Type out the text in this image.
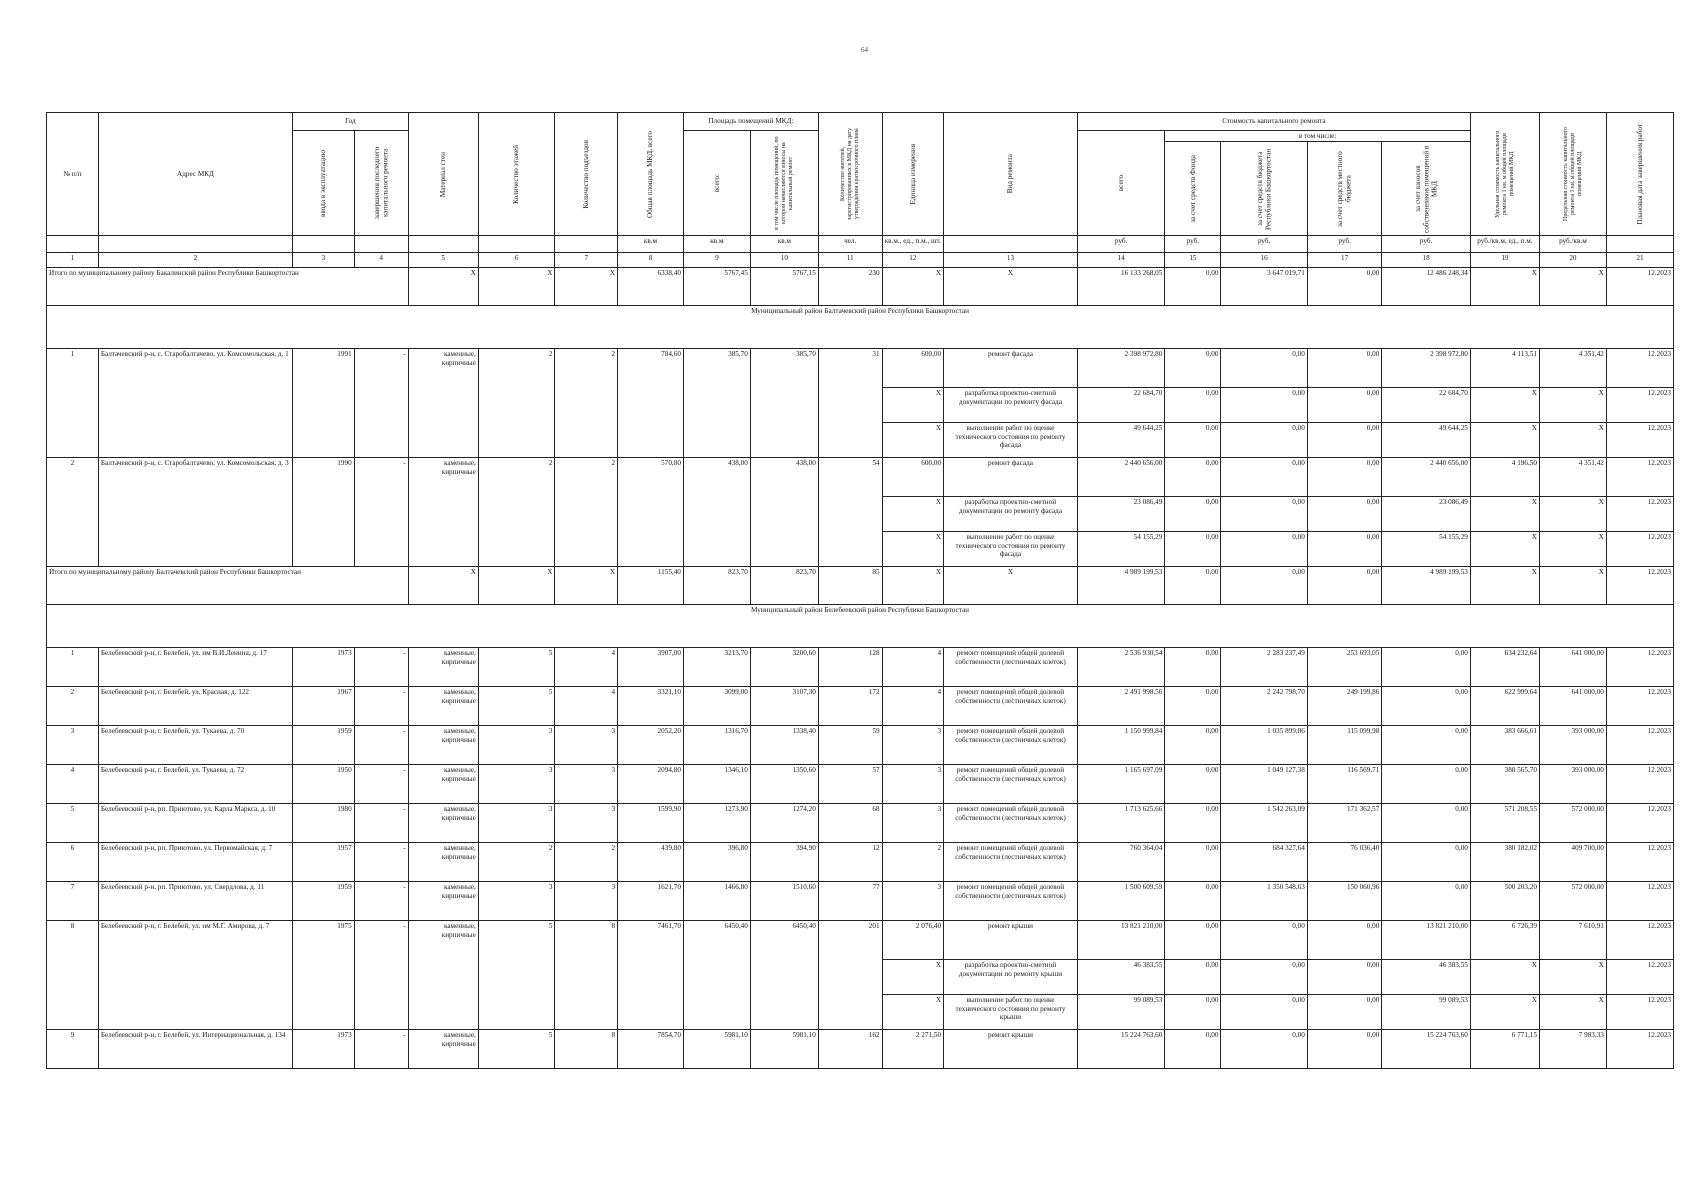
64
№ п/п	Адрес МКД	Год		Материал стен	Количество этажей	Количество подъездов	Общая площадь МКД, всего	Площадь помещений МКД:		Количество жителей, зарегистрированных в МКД на дату утверждения краткосрочного плана	Единица измерения	Вид ремонта	Стоимость капитального ремонта					Удельная стоимость капитального ремонта 1 кв. м общей площади помещений МКД	Предельная стоимость капитального ремонта 1 кв. м общей площади помещений МКД	Плановая дата завершения работ

		ввода в эксплуатацию	завершения последнего капитального ремонта					всего:	в том числе площадь помещений, по которой начисляются взносы на капитальный ремонт				всего	в том числе:						

														за счет средств Фонда	за счет средств бюджета Республики Башкортостан	за счет средств местного бюджета	за счет взносов собственников помещений в МКД			

							кв.м	кв.м	кв.м	чел.	кв.м., ед., п.м., шт.		руб.	руб.	руб.	руб.	руб.	руб./кв.м, ед., п.м.	руб./кв.м	
1	2	3	4	5	6	7	8	9	10	11	12	13	14	15	16	17	18	19	20	21
Итого по муниципальному району Бакалинский район Республики Башкортостан				X	X	X	6338,40	5767,45	5767,15	230	X	X	16 133 268,05	0,00	3 647 019,71	0,00	12 486 248,34	X	X	12.2023
Муниципальный район Балтачевский район Республики Башкортостан																				
1	Балтачевский р-н, с. Старобалтачево, ул. Комсомольская, д. 1	1991	-	каменные, кирпичные	2	2	784,60	385,70	385,70	31	600,00	ремонт фасада	2 398 972,80	0,00	0,00	0,00	2 398 972,80	4 113,51	4 351,42	12.2023
											X	разработка проектно-сметной документации по ремонту фасада	22 684,70	0,00	0,00	0,00	22 684,70	X	X	12.2023
											X	выполнение работ по оценке технического состояния по ремонту фасада	49 644,25	0,00	0,00	0,00	49 644,25	X	X	12.2023
2	Балтачевский р-н, с. Старобалтачево, ул. Комсомольская, д. 3	1990	-	каменные, кирпичные	2	2	570,80	438,00	438,00	54	600,00	ремонт фасада	2 440 656,00	0,00	0,00	0,00	2 440 656,00	4 196,50	4 351,42	12.2023
											X	разработка проектно-сметной документации по ремонту фасада	23 086,49	0,00	0,00	0,00	23 086,49	X	X	12.2023
											X	выполнение работ по оценке технического состояния по ремонту фасада	54 155,29	0,00	0,00	0,00	54 155,29	X	X	12.2023
Итого по муниципальному району Балтачевский район Республики Башкортостан				X	X	X	1155,40	823,70	823,70	85	X	X	4 989 199,53	0,00	0,00	0,00	4 989 199,53	X	X	12.2023
Муниципальный район Белебеевский район Республики Башкортостан																				
1	Белебеевский р-н, г. Белебей, ул. им В.И.Ленина, д. 17	1973	-	каменные, кирпичные	5	4	3907,00	3213,70	3200,60	128	4	ремонт помещений общей долевой собственности (лестничных клеток)	2 536 930,54	0,00	2 283 237,49	253 693,05	0,00	634 232,64	641 000,00	12.2023
2	Белебеевский р-н, г. Белебей, ул. Красная, д. 122	1967	-	каменные, кирпичные	5	4	3321,10	3099,00	3107,30	172	4	ремонт помещений общей долевой собственности (лестничных клеток)	2 491 998,56	0,00	2 242 798,70	249 199,86	0,00	622 999,64	641 000,00	12.2023
3	Белебеевский р-н, г. Белебей, ул. Тукаева, д. 70	1959	-	каменные, кирпичные	3	3	2052,20	1316,70	1338,40	59	3	ремонт помещений общей долевой собственности (лестничных клеток)	1 150 999,84	0,00	1 035 899,86	115 099,98	0,00	383 666,61	393 000,00	12.2023
4	Белебеевский р-н, г. Белебей, ул. Тукаева, д. 72	1950	-	каменные, кирпичные	3	3	2094,80	1346,10	1350,60	57	3	ремонт помещений общей долевой собственности (лестничных клеток)	1 165 697,09	0,00	1 049 127,38	116 569,71	0,00	388 565,70	393 000,00	12.2023
5	Белебеевский р-н, рп. Приютово, ул. Карла Маркса, д. 10	1980	-	каменные, кирпичные	3	3	1599,90	1273,90	1274,20	68	3	ремонт помещений общей долевой собственности (лестничных клеток)	1 713 625,66	0,00	1 542 263,09	171 362,57	0,00	571 208,55	572 000,00	12.2023
6	Белебеевский р-н, рп. Приютово, ул. Первомайская, д. 7	1957	-	каменные, кирпичные	2	2	439,80	396,80	394,90	12	2	ремонт помещений общей долевой собственности (лестничных клеток)	760 364,04	0,00	684 327,64	76 036,40	0,00	380 182,02	409 700,00	12.2023
7	Белебеевский р-н, рп. Приютово, ул. Свердлова, д. 11	1959	-	каменные, кирпичные	3	3	1621,70	1466,80	1510,60	77	3	ремонт помещений общей долевой собственности (лестничных клеток)	1 500 609,59	0,00	1 350 548,63	150 060,96	0,00	500 203,20	572 000,00	12.2023
8	Белебеевский р-н, г. Белебей, ул. им М.Г. Амирова, д. 7	1975	-	каменные, кирпичные	5	8	7461,70	6450,40	6450,40	201	2 076,40	ремонт крыши	13 821 210,00	0,00	0,00	0,00	13 821 210,00	6 726,39	7 610,91	12.2023
											X	разработка проектно-сметной документации по ремонту крыши	46 383,55	0,00	0,00	0,00	46 383,55	X	X	12.2023
											X	выполнение работ по оценке технического состояния по ремонту крыши	99 089,53	0,00	0,00	0,00	99 089,53	X	X	12.2023
9	Белебеевский р-н, г. Белебей, ул. Интернациональная, д. 134	1973	-	каменные, кирпичные	5	8	7854,70	5981,10	5981,10	162	2 271,50	ремонт крыши	15 224 763,60	0,00	0,00	0,00	15 224 763,60	6 771,15	7 983,33	12.2023
